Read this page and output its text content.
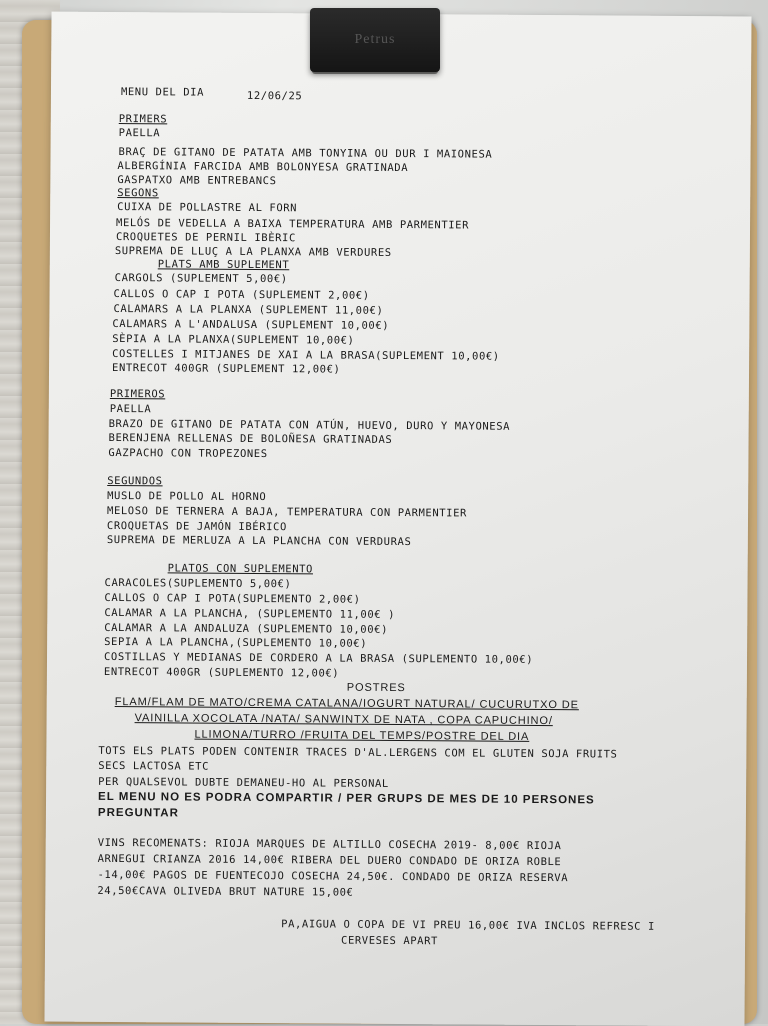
MENU DEL DIA	12/06/25
PRIMERS
PAELLA
BRAÇ DE GITANO DE PATATA AMB TONYINA OU DUR I MAIONESA
ALBERGÍNIA FARCIDA AMB BOLONYESA GRATINADA
GASPATXO AMB ENTREBANCS
SEGONS
CUIXA DE POLLASTRE AL FORN
MELÓS DE VEDELLA A BAIXA TEMPERATURA AMB PARMENTIER
CROQUETES DE PERNIL IBÈRIC
SUPREMA DE LLUÇ A LA PLANXA AMB VERDURES
PLATS AMB SUPLEMENT
CARGOLS (SUPLEMENT 5,00€)
CALLOS O CAP I POTA (SUPLEMENT 2,00€)
CALAMARS A LA PLANXA (SUPLEMENT 11,00€)
CALAMARS A L'ANDALUSA (SUPLEMENT 10,00€)
SÈPIA A LA PLANXA(SUPLEMENT 10,00€)
COSTELLES I MITJANES DE XAI A LA BRASA(SUPLEMENT 10,00€)
ENTRECOT 400GR (SUPLEMENT 12,00€)
PRIMEROS
PAELLA
BRAZO DE GITANO DE PATATA CON ATÚN, HUEVO, DURO Y MAYONESA
BERENJENA RELLENAS DE BOLOÑESA GRATINADAS
GAZPACHO CON TROPEZONES
SEGUNDOS
MUSLO DE POLLO AL HORNO
MELOSO DE TERNERA A BAJA, TEMPERATURA CON PARMENTIER
CROQUETAS DE JAMÓN IBÉRICO
SUPREMA DE MERLUZA A LA PLANCHA CON VERDURAS
PLATOS CON SUPLEMENTO
CARACOLES(SUPLEMENTO 5,00€)
CALLOS O CAP I POTA(SUPLEMENTO 2,00€)
CALAMAR A LA PLANCHA, (SUPLEMENTO 11,00€ )
CALAMAR A LA ANDALUZA (SUPLEMENTO 10,00€)
SEPIA A LA PLANCHA,(SUPLEMENTO 10,00€)
COSTILLAS Y MEDIANAS DE CORDERO A LA BRASA (SUPLEMENTO 10,00€)
ENTRECOT 400GR (SUPLEMENTO 12,00€)
POSTRES
FLAM/FLAM DE MATO/CREMA CATALANA/IOGURT NATURAL/ CUCURUTXO DE
VAINILLA XOCOLATA /NATA/ SANWINTX DE NATA , COPA CAPUCHINO/
LLIMONA/TURRO /FRUITA DEL TEMPS/POSTRE DEL DIA
TOTS ELS PLATS PODEN CONTENIR TRACES D'AL.LERGENS COM EL GLUTEN SOJA FRUITS
SECS LACTOSA ETC
PER QUALSEVOL DUBTE DEMANEU-HO AL PERSONAL
EL MENU NO ES PODRA COMPARTIR / PER GRUPS DE MES DE 10 PERSONES
PREGUNTAR
VINS RECOMENATS: RIOJA MARQUES DE ALTILLO COSECHA 2019- 8,00€ RIOJA
ARNEGUI CRIANZA 2016 14,00€ RIBERA DEL DUERO CONDADO DE ORIZA ROBLE
-14,00€ PAGOS DE FUENTECOJO COSECHA 24,50€. CONDADO DE ORIZA RESERVA
24,50€CAVA OLIVEDA BRUT NATURE 15,00€
PA,AIGUA O COPA DE VI PREU 16,00€ IVA INCLOS REFRESC I
CERVESES APART
Petrus
